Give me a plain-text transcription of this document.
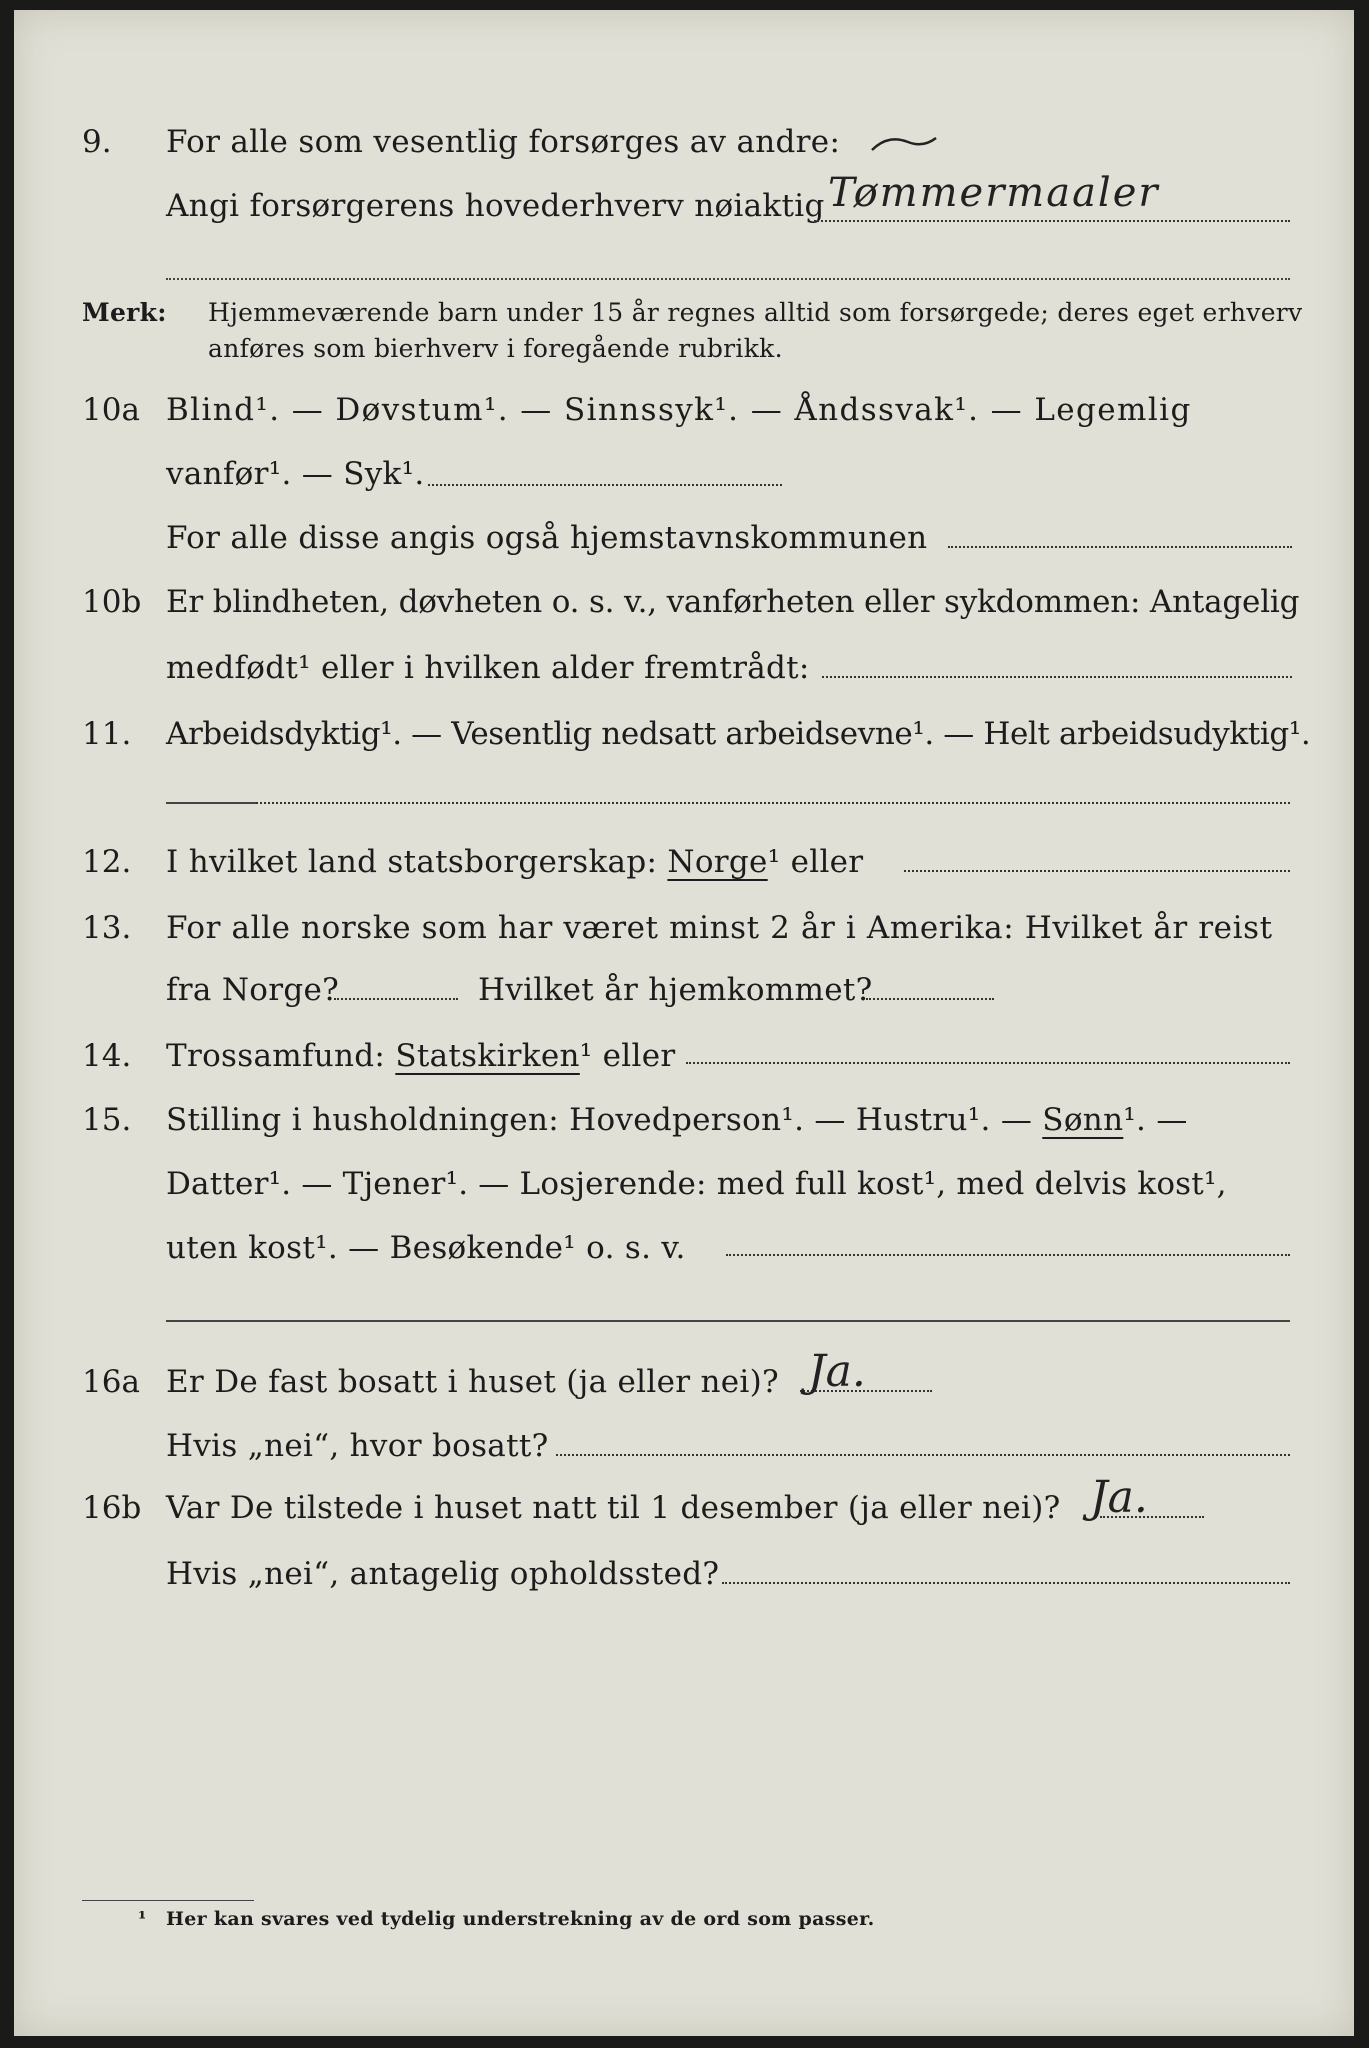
9. For alle som vesentlig forsørges av andre:
Angi forsørgerens hovederhverv nøiaktig Tømmermaaler
Merk: Hjemmeværende barn under 15 år regnes alltid som forsørgede; deres eget erhverv
anføres som bierhverv i foregående rubrikk.
10a Blind¹. — Døvstum¹. — Sinnssyk¹. — Åndssvak¹. — Legemlig
vanfør¹. — Syk¹.
For alle disse angis også hjemstavnskommunen
10b Er blindheten, døvheten o. s. v., vanførheten eller sykdommen: Antagelig
medfødt¹ eller i hvilken alder fremtrådt:
11. Arbeidsdyktig¹. — Vesentlig nedsatt arbeidsevne¹. — Helt arbeidsudyktig¹.
12. I hvilket land statsborgerskap: Norge¹ eller
13. For alle norske som har været minst 2 år i Amerika: Hvilket år reist
fra Norge?	Hvilket år hjemkommet?
14. Trossamfund: Statskirken¹ eller
15. Stilling i husholdningen: Hovedperson¹. — Hustru¹. — Sønn¹. —
Datter¹. — Tjener¹. — Losjerende: med full kost¹, med delvis kost¹,
uten kost¹. — Besøkende¹ o. s. v.
16a Er De fast bosatt i huset (ja eller nei)? Ja.
Hvis „nei“, hvor bosatt?
16b Var De tilstede i huset natt til 1 desember (ja eller nei)? Ja.
Hvis „nei“, antagelig opholdssted?
¹ Her kan svares ved tydelig understrekning av de ord som passer.
